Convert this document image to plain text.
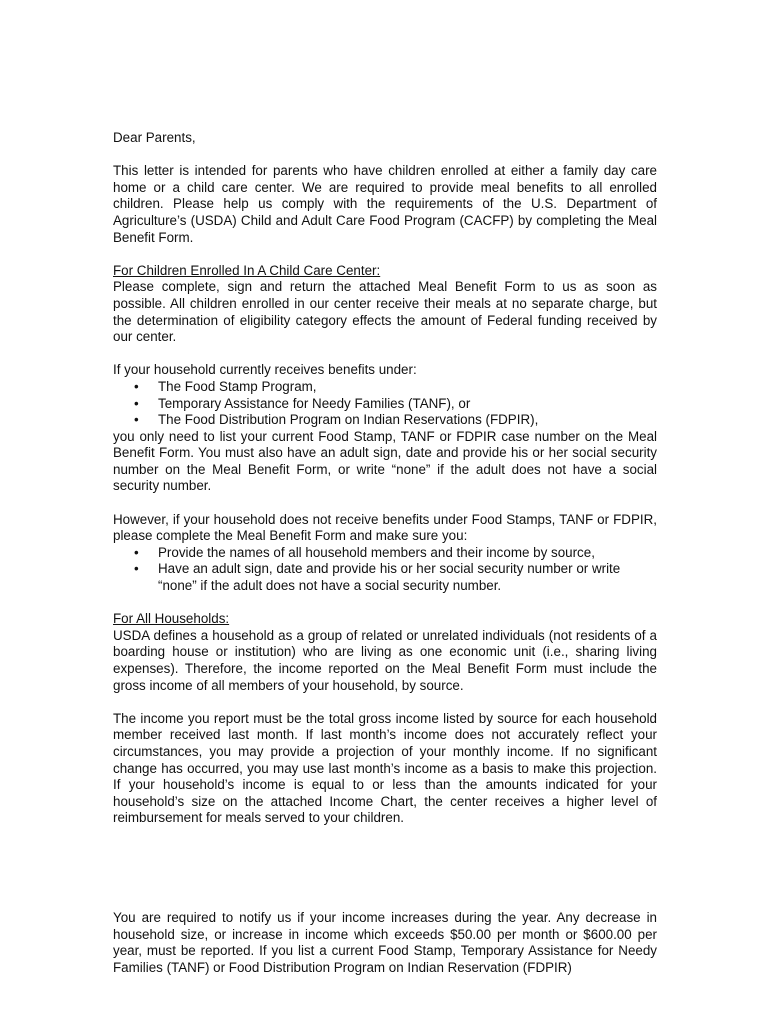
Dear Parents,

This letter is intended for parents who have children enrolled at either a family day care home or a child care center. We are required to provide meal benefits to all enrolled children. Please help us comply with the requirements of the U.S. Department of Agriculture’s (USDA) Child and Adult Care Food Program (CACFP) by completing the Meal Benefit Form.

For Children Enrolled In A Child Care Center:

Please complete, sign and return the attached Meal Benefit Form to us as soon as possible. All children enrolled in our center receive their meals at no separate charge, but the determination of eligibility category effects the amount of Federal funding received by our center.

If your household currently receives benefits under:

• The Food Stamp Program,
• Temporary Assistance for Needy Families (TANF), or
• The Food Distribution Program on Indian Reservations (FDPIR),

you only need to list your current Food Stamp, TANF or FDPIR case number on the Meal Benefit Form. You must also have an adult sign, date and provide his or her social security number on the Meal Benefit Form, or write “none” if the adult does not have a social security number.

However, if your household does not receive benefits under Food Stamps, TANF or FDPIR, please complete the Meal Benefit Form and make sure you:

• Provide the names of all household members and their income by source,
• Have an adult sign, date and provide his or her social security number or write “none” if the adult does not have a social security number.

For All Households:

USDA defines a household as a group of related or unrelated individuals (not residents of a boarding house or institution) who are living as one economic unit (i.e., sharing living expenses). Therefore, the income reported on the Meal Benefit Form must include the gross income of all members of your household, by source.

The income you report must be the total gross income listed by source for each household member received last month. If last month’s income does not accurately reflect your circumstances, you may provide a projection of your monthly income. If no significant change has occurred, you may use last month’s income as a basis to make this projection. If your household’s income is equal to or less than the amounts indicated for your household’s size on the attached Income Chart, the center receives a higher level of reimbursement for meals served to your children.

You are required to notify us if your income increases during the year. Any decrease in household size, or increase in income which exceeds $50.00 per month or $600.00 per year, must be reported. If you list a current Food Stamp, Temporary Assistance for Needy Families (TANF) or Food Distribution Program on Indian Reservation (FDPIR)
